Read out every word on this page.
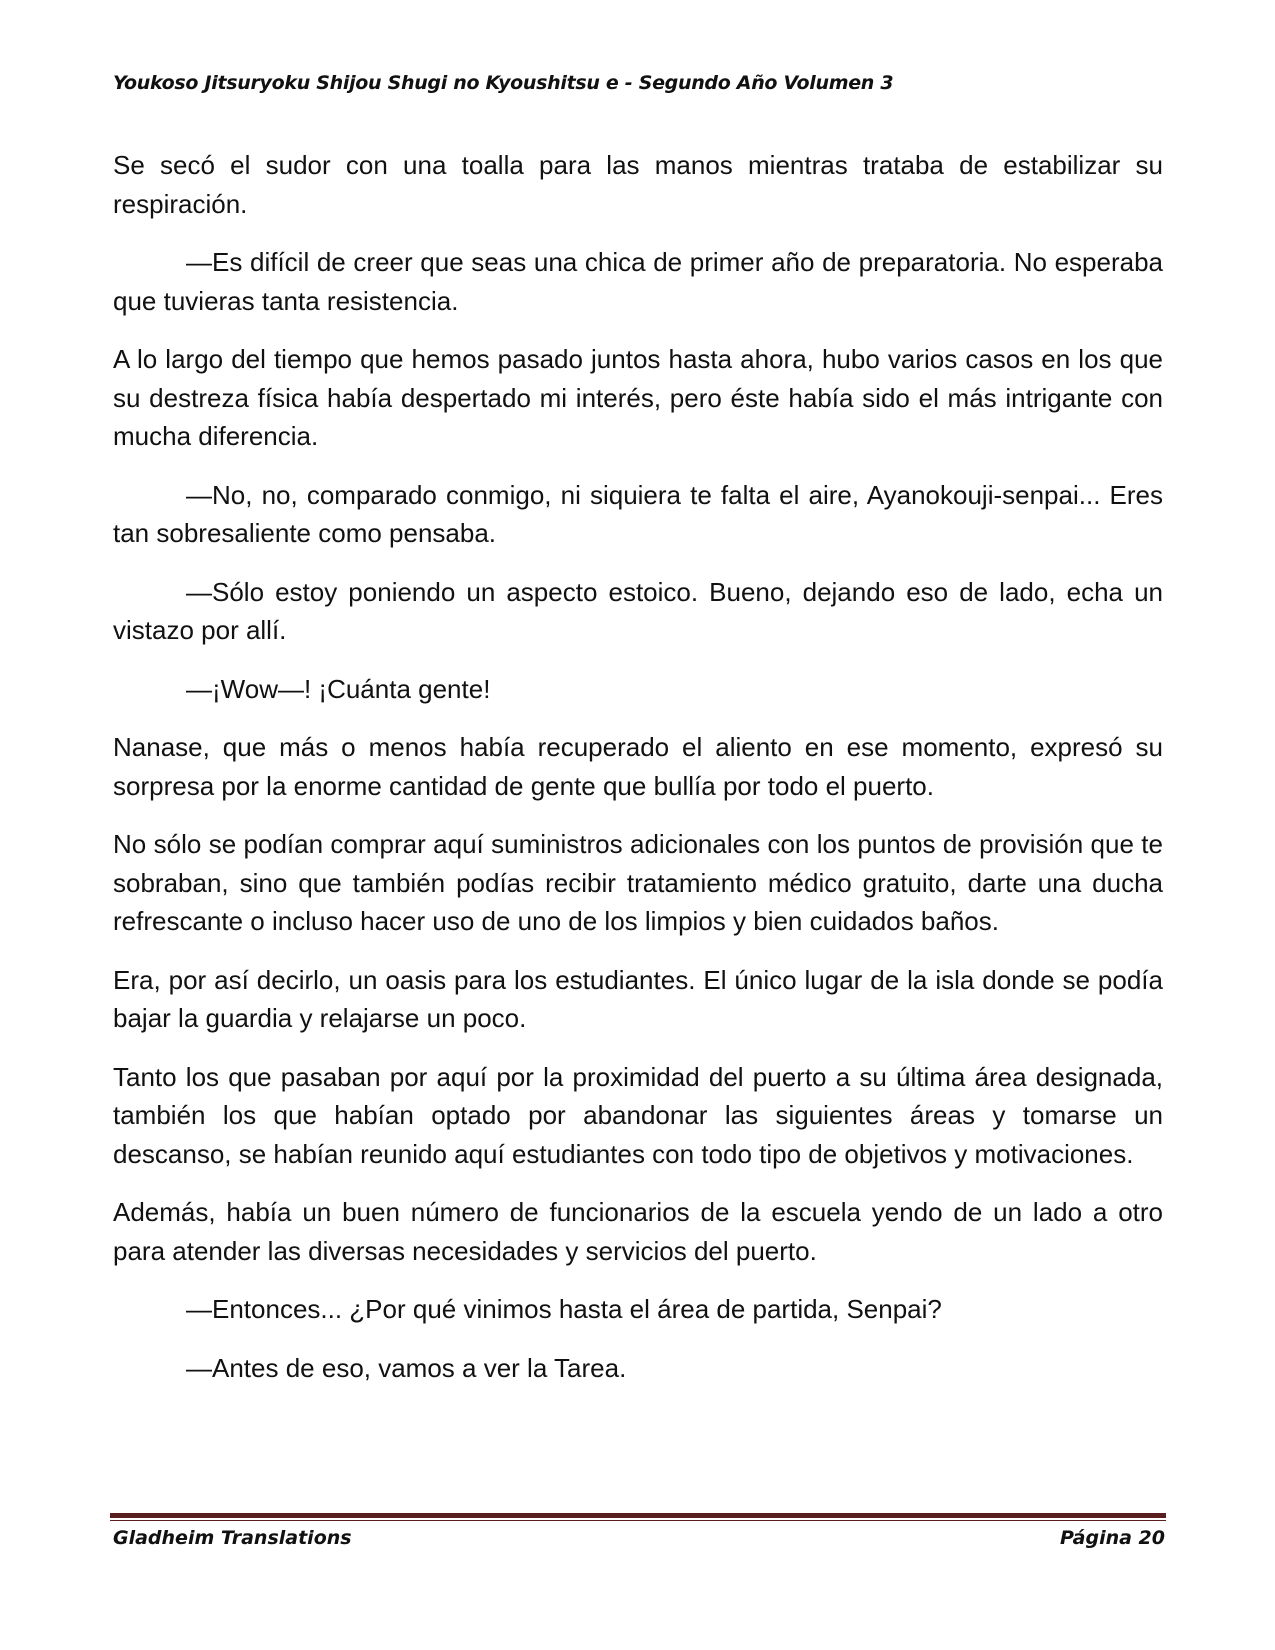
Youkoso Jitsuryoku Shijou Shugi no Kyoushitsu e - Segundo Año Volumen 3

Se secó el sudor con una toalla para las manos mientras trataba de estabilizar su respiración.

—Es difícil de creer que seas una chica de primer año de preparatoria. No esperaba que tuvieras tanta resistencia.

A lo largo del tiempo que hemos pasado juntos hasta ahora, hubo varios casos en los que su destreza física había despertado mi interés, pero éste había sido el más intrigante con mucha diferencia.

—No, no, comparado conmigo, ni siquiera te falta el aire, Ayanokouji-senpai... Eres tan sobresaliente como pensaba.

—Sólo estoy poniendo un aspecto estoico. Bueno, dejando eso de lado, echa un vistazo por allí.

—¡Wow—! ¡Cuánta gente!

Nanase, que más o menos había recuperado el aliento en ese momento, expresó su sorpresa por la enorme cantidad de gente que bullía por todo el puerto.

No sólo se podían comprar aquí suministros adicionales con los puntos de provisión que te sobraban, sino que también podías recibir tratamiento médico gratuito, darte una ducha refrescante o incluso hacer uso de uno de los limpios y bien cuidados baños.

Era, por así decirlo, un oasis para los estudiantes. El único lugar de la isla donde se podía bajar la guardia y relajarse un poco.

Tanto los que pasaban por aquí por la proximidad del puerto a su última área designada, también los que habían optado por abandonar las siguientes áreas y tomarse un descanso, se habían reunido aquí estudiantes con todo tipo de objetivos y motivaciones.

Además, había un buen número de funcionarios de la escuela yendo de un lado a otro para atender las diversas necesidades y servicios del puerto.

—Entonces... ¿Por qué vinimos hasta el área de partida, Senpai?

—Antes de eso, vamos a ver la Tarea.

Gladheim Translations	Página 20
